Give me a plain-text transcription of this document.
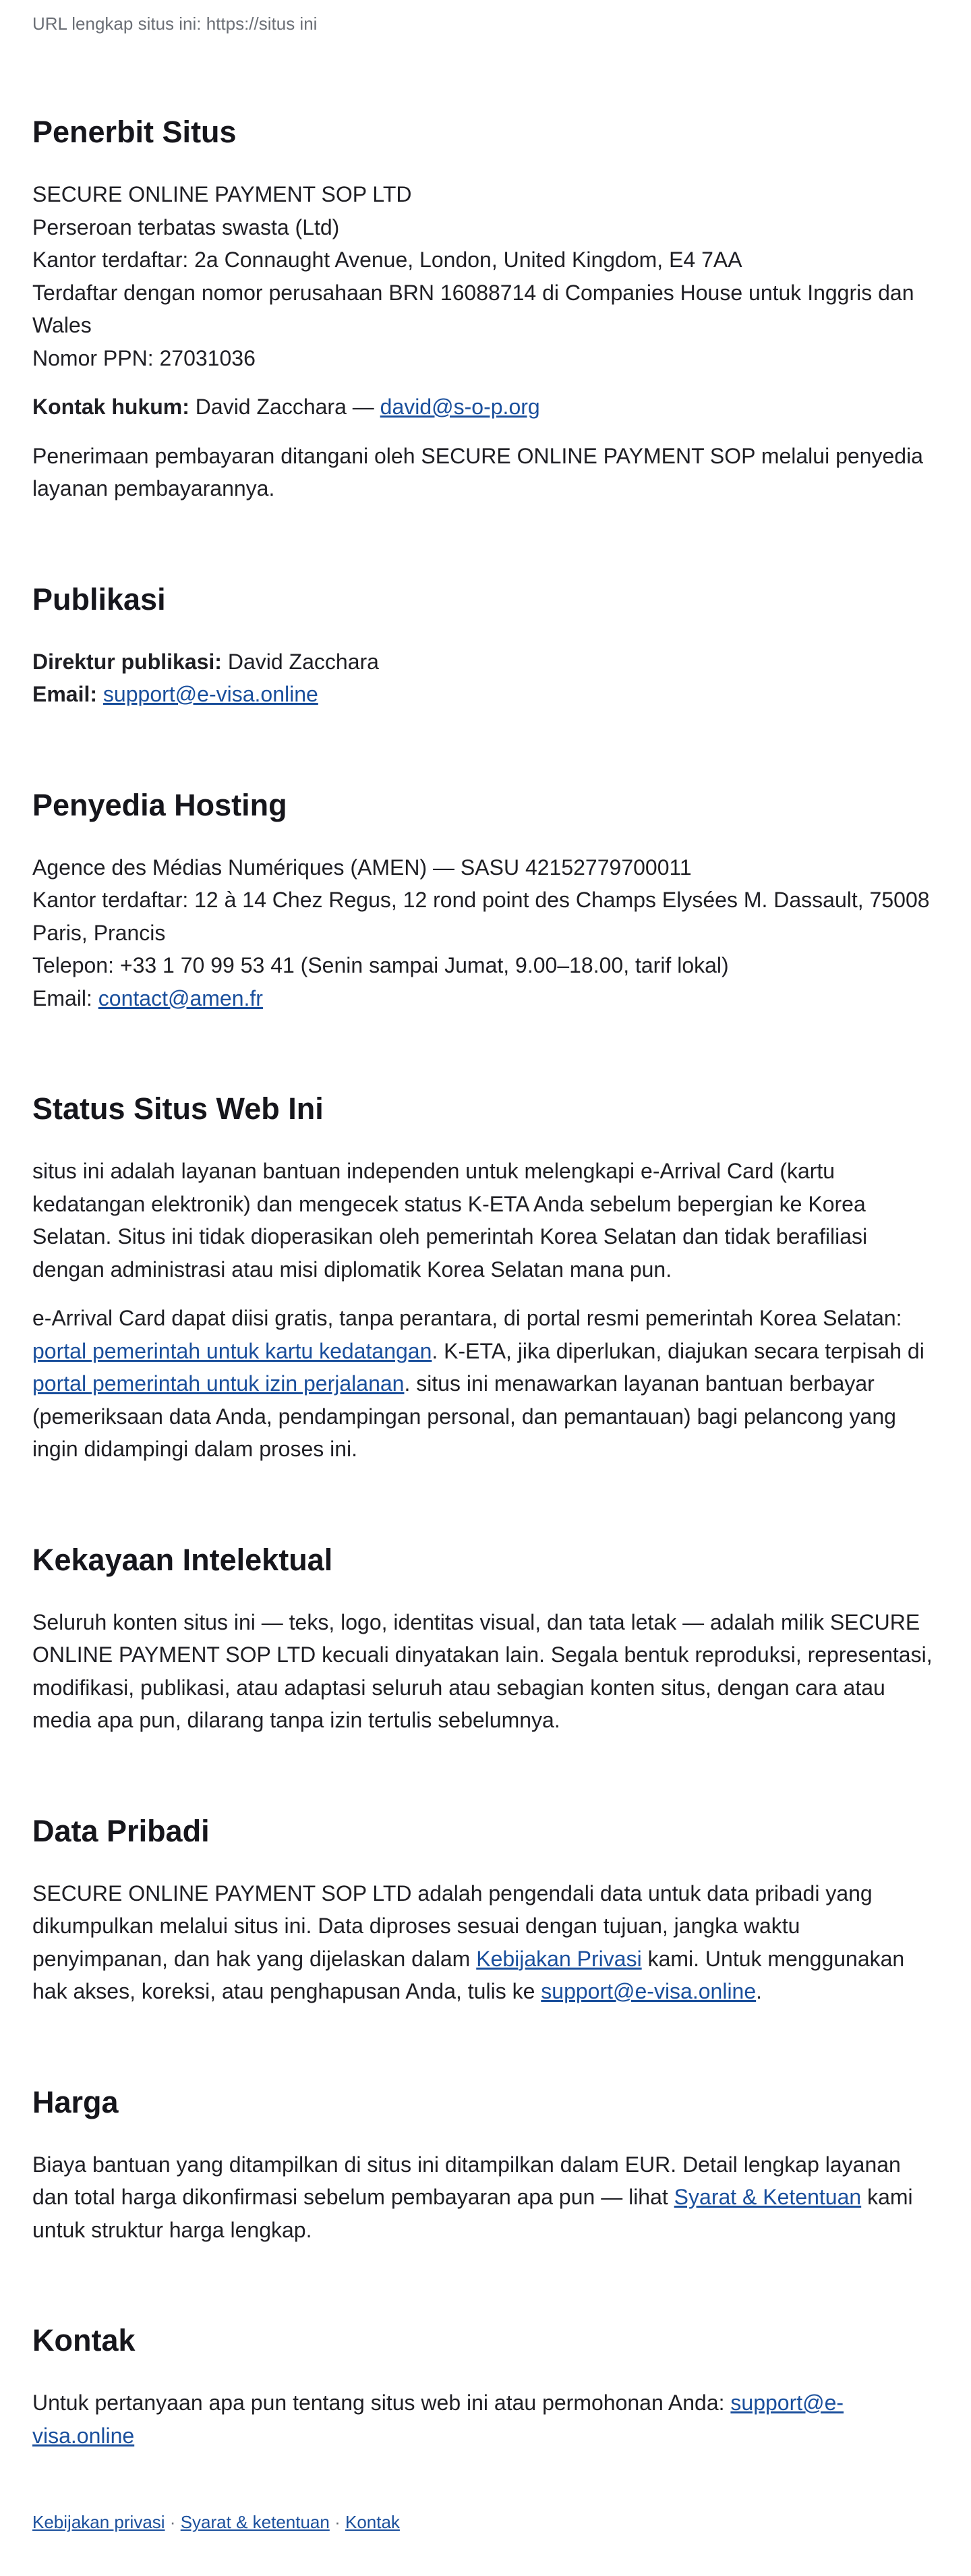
URL lengkap situs ini: https://situs ini
Penerbit Situs
SECURE ONLINE PAYMENT SOP LTD
Perseroan terbatas swasta (Ltd)
Kantor terdaftar: 2a Connaught Avenue, London, United Kingdom, E4 7AA
Terdaftar dengan nomor perusahaan BRN 16088714 di Companies House untuk Inggris dan Wales
Nomor PPN: 27031036

Kontak hukum: David Zacchara — david@s-o-p.org

Penerimaan pembayaran ditangani oleh SECURE ONLINE PAYMENT SOP melalui penyedia layanan pembayarannya.

Publikasi
Direktur publikasi: David Zacchara
Email: support@e-visa.online
Penyedia Hosting
Agence des Médias Numériques (AMEN) — SASU 42152779700011
Kantor terdaftar: 12 à 14 Chez Regus, 12 rond point des Champs Elysées M. Dassault, 75008 Paris, Prancis
Telepon: +33 1 70 99 53 41 (Senin sampai Jumat, 9.00–18.00, tarif lokal)
Email: contact@amen.fr
Status Situs Web Ini

situs ini adalah layanan bantuan independen untuk melengkapi e-Arrival Card (kartu kedatangan elektronik) dan mengecek status K-ETA Anda sebelum bepergian ke Korea Selatan. Situs ini tidak dioperasikan oleh pemerintah Korea Selatan dan tidak berafiliasi dengan administrasi atau misi diplomatik Korea Selatan mana pun.

e-Arrival Card dapat diisi gratis, tanpa perantara, di portal resmi pemerintah Korea Selatan: portal pemerintah untuk kartu kedatangan. K-ETA, jika diperlukan, diajukan secara terpisah di portal pemerintah untuk izin perjalanan. situs ini menawarkan layanan bantuan berbayar (pemeriksaan data Anda, pendampingan personal, dan pemantauan) bagi pelancong yang ingin didampingi dalam proses ini.

Kekayaan Intelektual

Seluruh konten situs ini — teks, logo, identitas visual, dan tata letak — adalah milik SECURE ONLINE PAYMENT SOP LTD kecuali dinyatakan lain. Segala bentuk reproduksi, representasi, modifikasi, publikasi, atau adaptasi seluruh atau sebagian konten situs, dengan cara atau media apa pun, dilarang tanpa izin tertulis sebelumnya.

Data Pribadi

SECURE ONLINE PAYMENT SOP LTD adalah pengendali data untuk data pribadi yang dikumpulkan melalui situs ini. Data diproses sesuai dengan tujuan, jangka waktu penyimpanan, dan hak yang dijelaskan dalam Kebijakan Privasi kami. Untuk menggunakan hak akses, koreksi, atau penghapusan Anda, tulis ke support@e-visa.online.

Harga

Biaya bantuan yang ditampilkan di situs ini ditampilkan dalam EUR. Detail lengkap layanan dan total harga dikonfirmasi sebelum pembayaran apa pun — lihat Syarat & Ketentuan kami untuk struktur harga lengkap.

Kontak

Untuk pertanyaan apa pun tentang situs web ini atau permohonan Anda: support@e-visa.online

Kebijakan privasi · Syarat & ketentuan · Kontak
